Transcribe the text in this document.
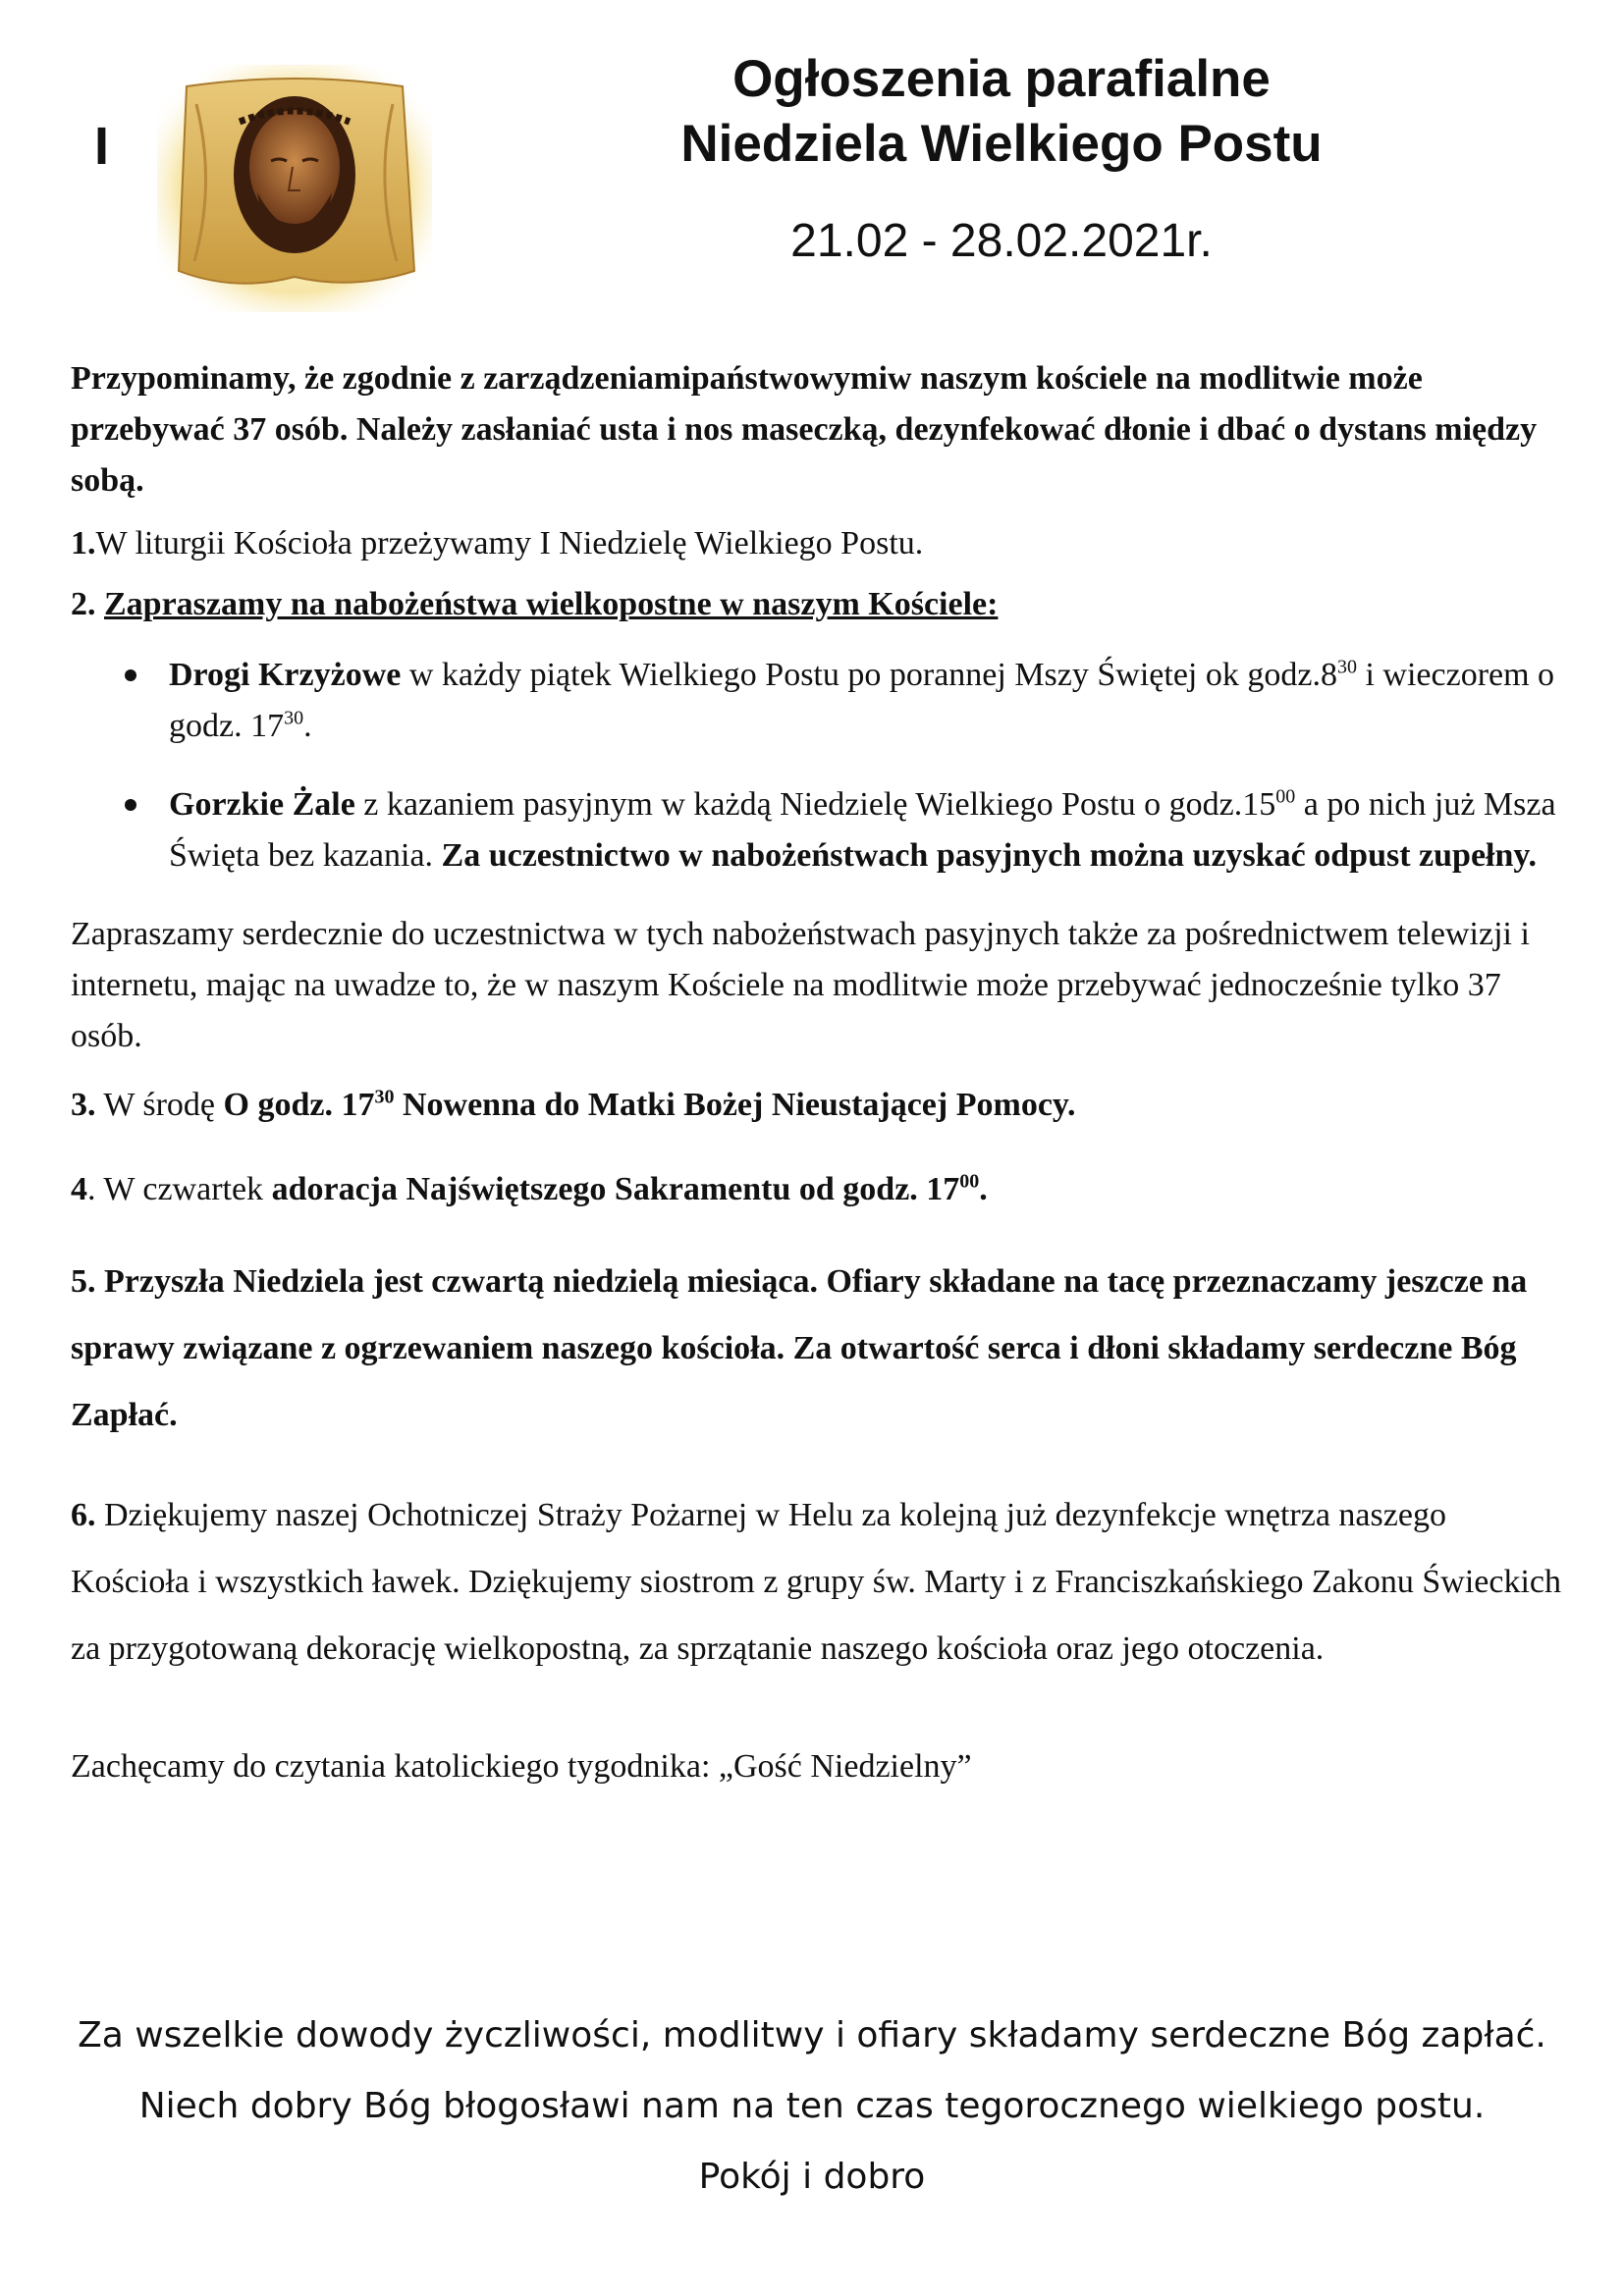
I
Ogłoszenia parafialne
Niedziela Wielkiego Postu
21.02 - 28.02.2021r.

Przypominamy, że zgodnie z zarządzeniamipaństwowymiw naszym kościele na modlitwie może przebywać 37 osób. Należy zasłaniać usta i nos maseczką, dezynfekować dłonie i dbać o dystans między sobą.

1.W liturgii Kościoła przeżywamy I Niedzielę Wielkiego Postu.

2. Zapraszamy na nabożeństwa wielkopostne w naszym Kościele:

Drogi Krzyżowe w każdy piątek Wielkiego Postu po porannej Mszy Świętej ok $godz.8^{30}$ i wieczorem o godz. $17^{30}$.
Gorzkie Żale z kazaniem pasyjnym w każdą Niedzielę Wielkiego Postu o $godz.15^{00}$ a po nich już Msza Święta bez kazania. Za uczestnictwo w nabożeństwach pasyjnych można uzyskać odpust zupełny.

Zapraszamy serdecznie do uczestnictwa w tych nabożeństwach pasyjnych także za pośrednictwem telewizji i internetu, mając na uwadze to, że w naszym Kościele na modlitwie może przebywać jednocześnie tylko 37 osób.

3. W środę O godz. $17^{30}$ Nowenna do Matki Bożej Nieustającej Pomocy.

4. W czwartek adoracja Najświętszego Sakramentu od godz. $17^{00}$.

5. Przyszła Niedziela jest czwartą niedzielą miesiąca. Ofiary składane na tacę przeznaczamy jeszcze na sprawy związane z ogrzewaniem naszego kościoła. Za otwartość serca i dłoni składamy serdeczne Bóg Zapłać.

6. Dziękujemy naszej Ochotniczej Straży Pożarnej w Helu za kolejną już dezynfekcje wnętrza naszego Kościoła i wszystkich ławek. Dziękujemy siostrom z grupy św. Marty i z Franciszkańskiego Zakonu Świeckich za przygotowaną dekorację wielkopostną, za sprzątanie naszego kościoła oraz jego otoczenia.

Zachęcamy do czytania katolickiego tygodnika: „Gość Niedzielny”

Za wszelkie dowody życzliwości, modlitwy i ofiary składamy serdeczne Bóg zapłać.
Niech dobry Bóg błogosławi nam na ten czas tegorocznego wielkiego postu.
Pokój i dobro
